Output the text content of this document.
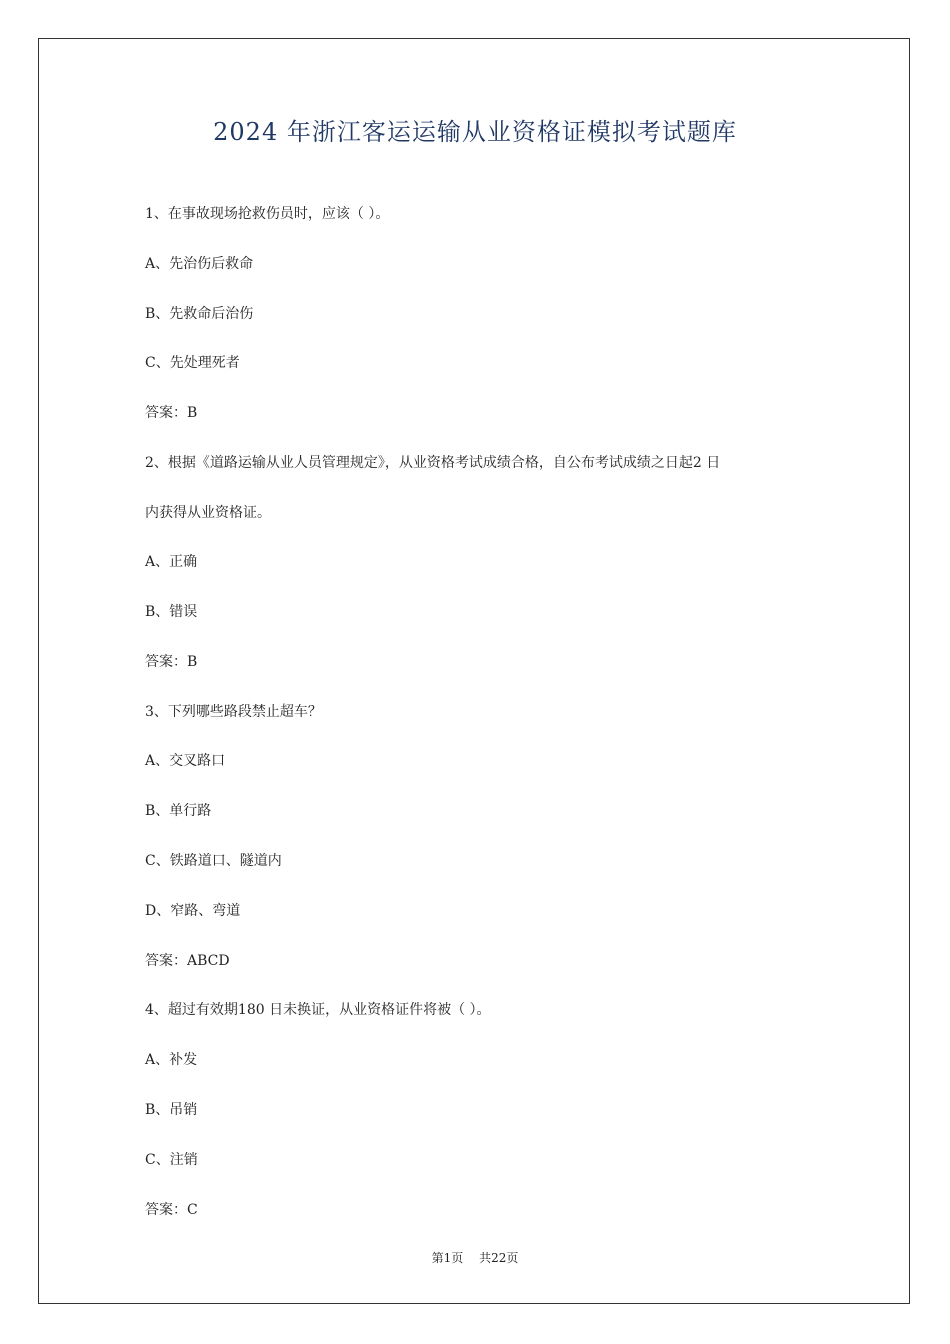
2024 年浙江客运运输从业资格证模拟考试题库
1、在事故现场抢救伤员时，应该（ ）。
A、先治伤后救命
B、先救命后治伤
C、先处理死者
答案：B
2、根据《道路运输从业人员管理规定》，从业资格考试成绩合格，自公布考试成绩之日起2 日
内获得从业资格证。
A、正确
B、错误
答案：B
3、下列哪些路段禁止超车？
A、交叉路口
B、单行路
C、铁路道口、隧道内
D、窄路、弯道
答案：ABCD
4、超过有效期180 日未换证，从业资格证件将被（ ）。
A、补发
B、吊销
C、注销
答案：C
第1页 共22页
